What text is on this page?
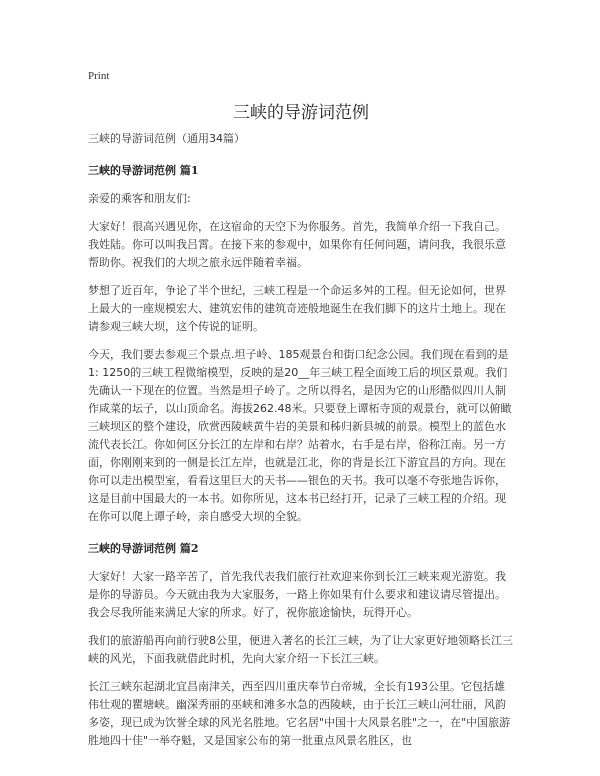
Print
三峡的导游词范例

三峡的导游词范例（通用34篇）

三峡的导游词范例 篇1

亲爱的乘客和朋友们:

大家好！很高兴遇见你，在这宿命的天空下为你服务。首先，我简单介绍一下我自己。我姓陆。你可以叫我吕霄。在接下来的参观中，如果你有任何问题，请问我，我很乐意帮助你。祝我们的大坝之旅永远伴随着幸福。

梦想了近百年，争论了半个世纪，三峡工程是一个命运多舛的工程。但无论如何，世界上最大的一座规模宏大、建筑宏伟的建筑奇迹般地诞生在我们脚下的这片土地上。现在请参观三峡大坝，这个传说的证明。

今天，我们要去参观三个景点.坦子岭、185观景台和街口纪念公园。我们现在看到的是1: 1250的三峡工程微缩模型，反映的是20__年三峡工程全面竣工后的坝区景观。我们先确认一下现在的位置。当然是坦子岭了。之所以得名，是因为它的山形酷似四川人制作咸菜的坛子，以山顶命名。海拔262.48米。只要登上谭柘寺顶的观景台，就可以俯瞰三峡坝区的整个建设，欣赏西陵峡黄牛岩的美景和秭归新县城的前景。模型上的蓝色水流代表长江。你如何区分长江的左岸和右岸？站着水，右手是右岸，俗称江南。另一方面，你刚刚来到的一侧是长江左岸，也就是江北，你的背是长江下游宜昌的方向。现在你可以走出模型室，看看这里巨大的天书——银色的天书。我可以毫不夸张地告诉你，这是目前中国最大的一本书。如你所见，这本书已经打开，记录了三峡工程的介绍。现在你可以爬上谭子岭，亲自感受大坝的全貌。

三峡的导游词范例 篇2

大家好！大家一路辛苦了，首先我代表我们旅行社欢迎来你到长江三峡来观光游览。我是你的导游员。今天就由我为大家服务，一路上你如果有什么要求和建议请尽管提出。我会尽我所能来满足大家的所求。好了，祝你旅途愉快，玩得开心。

我们的旅游船再向前行驶8公里，便进入著名的长江三峡，为了让大家更好地领略长江三峡的风光，下面我就借此时机，先向大家介绍一下长江三峡。

长江三峡东起湖北宜昌南津关，西至四川重庆奉节白帝城，全长有193公里。它包括雄伟壮观的瞿塘峡。幽深秀丽的巫峡和滩多水急的西陵峡，由于长江三峡山河壮丽，风韵多姿，现已成为饮誉全球的风光名胜地。它名居"中国十大风景名胜"之一，在"中国旅游胜地四十佳"一举夺魁，又是国家公布的第一批重点风景名胜区，也
